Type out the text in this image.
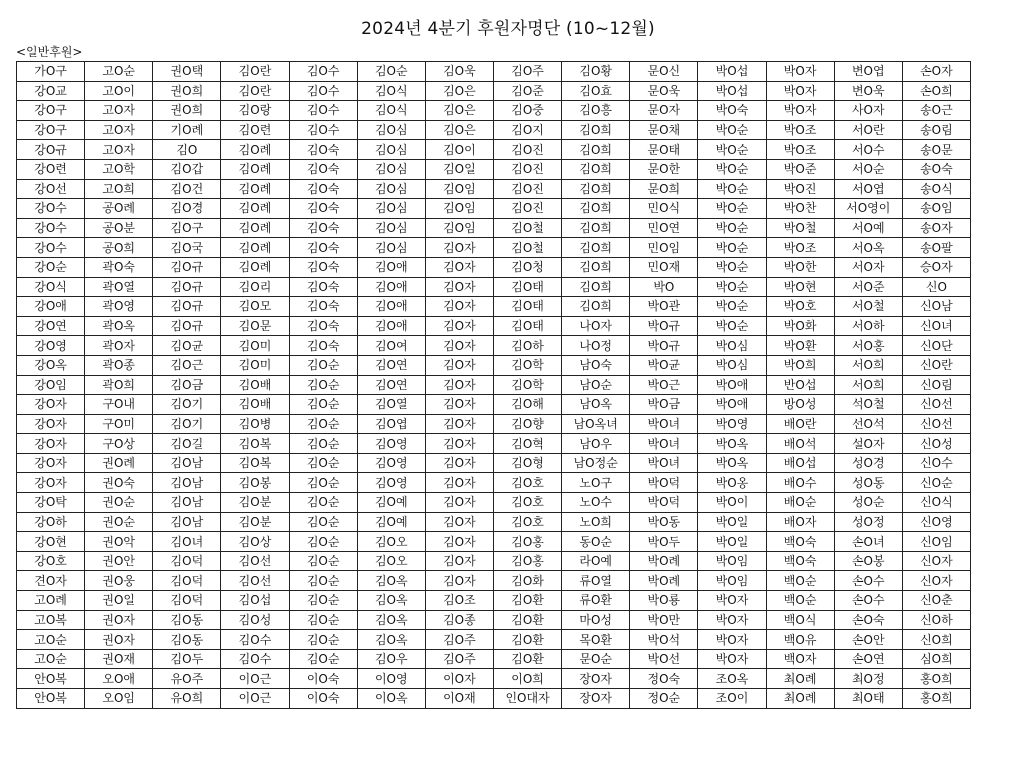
2024년 4분기 후원자명단 (10~12월)
<일반후원>
가O구	고O순	권O택	김O란	김O수	김O순	김O욱	김O주	김O황	문O신	박O섭	박O자	변O엽	손O자
강O교	고O이	권O희	김O란	김O수	김O식	김O은	김O준	김O효	문O욱	박O섭	박O자	변O욱	손O희
강O구	고O자	권O희	김O랑	김O수	김O식	김O은	김O중	김O흥	문O자	박O숙	박O자	사O자	송O근
강O구	고O자	기O례	김O련	김O수	김O심	김O은	김O지	김O희	문O채	박O순	박O조	서O란	송O림
강O규	고O자	김O	김O례	김O숙	김O심	김O이	김O진	김O희	문O태	박O순	박O조	서O수	송O문
강O련	고O학	김O갑	김O례	김O숙	김O심	김O일	김O진	김O희	문O한	박O순	박O준	서O순	송O숙
강O선	고O희	김O건	김O례	김O숙	김O심	김O임	김O진	김O희	문O희	박O순	박O진	서O엽	송O식
강O수	공O례	김O경	김O례	김O숙	김O심	김O임	김O진	김O희	민O식	박O순	박O찬	서O영이	송O임
강O수	공O분	김O구	김O례	김O숙	김O심	김O임	김O철	김O희	민O연	박O순	박O철	서O예	송O자
강O수	공O희	김O국	김O례	김O숙	김O심	김O자	김O철	김O희	민O임	박O순	박O조	서O옥	송O팔
강O순	곽O숙	김O규	김O례	김O숙	김O애	김O자	김O청	김O희	민O재	박O순	박O한	서O자	승O자
강O식	곽O열	김O규	김O리	김O숙	김O애	김O자	김O태	김O희	박O	박O순	박O현	서O준	신O
강O애	곽O영	김O규	김O모	김O숙	김O애	김O자	김O태	김O희	박O관	박O순	박O호	서O철	신O남
강O연	곽O옥	김O규	김O문	김O숙	김O애	김O자	김O태	나O자	박O규	박O순	박O화	서O하	신O녀
강O영	곽O자	김O균	김O미	김O숙	김O여	김O자	김O하	나O정	박O규	박O심	박O환	서O홍	신O단
강O옥	곽O종	김O근	김O미	김O순	김O연	김O자	김O학	남O숙	박O균	박O심	박O희	서O희	신O란
강O임	곽O희	김O금	김O배	김O순	김O연	김O자	김O학	남O순	박O근	박O애	반O섭	서O희	신O림
강O자	구O내	김O기	김O배	김O순	김O열	김O자	김O해	남O옥	박O금	박O애	방O성	석O철	신O선
강O자	구O미	김O기	김O병	김O순	김O엽	김O자	김O향	남O옥녀	박O녀	박O영	배O란	선O석	신O선
강O자	구O상	김O길	김O복	김O순	김O영	김O자	김O혁	남O우	박O녀	박O옥	배O석	설O자	신O성
강O자	권O례	김O남	김O복	김O순	김O영	김O자	김O형	남O정순	박O녀	박O옥	배O섭	성O경	신O수
강O자	권O숙	김O남	김O봉	김O순	김O영	김O자	김O호	노O구	박O덕	박O옹	배O수	성O동	신O순
강O탁	권O순	김O남	김O분	김O순	김O예	김O자	김O호	노O수	박O덕	박O이	배O순	성O순	신O식
강O하	권O순	김O남	김O분	김O순	김O예	김O자	김O호	노O희	박O동	박O일	배O자	성O정	신O영
강O현	권O악	김O녀	김O상	김O순	김O오	김O자	김O홍	동O순	박O두	박O일	백O숙	손O녀	신O임
강O호	권O안	김O덕	김O선	김O순	김O오	김O자	김O홍	라O예	박O례	박O임	백O숙	손O봉	신O자
견O자	권O웅	김O덕	김O선	김O순	김O옥	김O자	김O화	류O열	박O례	박O임	백O순	손O수	신O자
고O례	권O일	김O덕	김O섭	김O순	김O옥	김O조	김O환	류O환	박O룡	박O자	백O순	손O수	신O춘
고O복	권O자	김O동	김O성	김O순	김O옥	김O종	김O환	마O성	박O만	박O자	백O식	손O숙	신O하
고O순	권O자	김O동	김O수	김O순	김O옥	김O주	김O환	목O환	박O석	박O자	백O유	손O안	신O희
고O순	권O재	김O두	김O수	김O순	김O우	김O주	김O환	문O순	박O선	박O자	백O자	손O연	심O희
안O복	오O애	유O주	이O근	이O숙	이O영	이O자	이O희	장O자	정O숙	조O옥	최O례	최O정	홍O희
안O복	오O임	유O희	이O근	이O숙	이O옥	이O재	인O대자	장O자	정O순	조O이	최O례	최O태	홍O희
